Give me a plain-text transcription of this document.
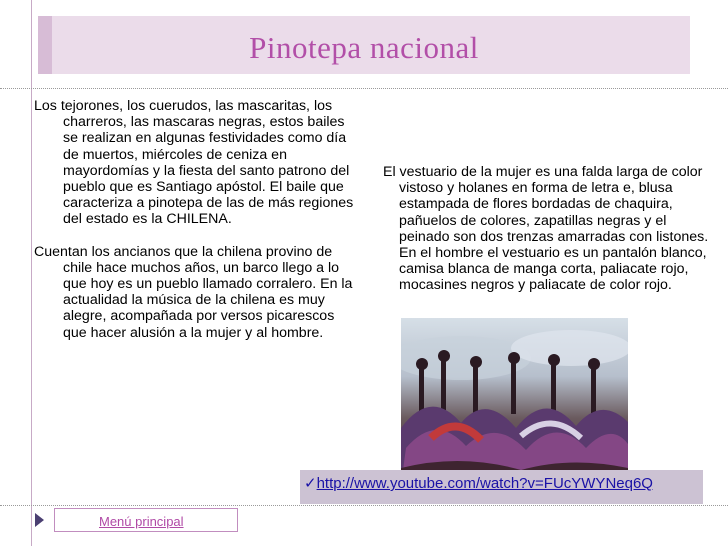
Pinotepa nacional

Los tejorones, los cuerudos, las mascaritas, los charreros, las mascaras negras, estos bailes se realizan en algunas festividades como día de muertos, miércoles de ceniza en mayordomías y la fiesta del santo patrono del pueblo que es Santiago apóstol. El baile que caracteriza a pinotepa de las de más regiones del estado es la CHILENA.

Cuentan los ancianos que la chilena provino de chile hace muchos años, un barco llego a lo que hoy es un pueblo llamado corralero. En la actualidad la música de la chilena es muy alegre, acompañada por versos picarescos que hacer alusión a la mujer y al hombre.

El vestuario de la mujer es una falda larga de color vistoso y holanes en forma de letra e, blusa estampada de flores bordadas de chaquira, pañuelos de colores, zapatillas negras y el peinado son dos trenzas amarradas con listones. En el hombre el vestuario es un pantalón blanco, camisa blanca de manga corta, paliacate rojo, mocasines negros y paliacate de color rojo.

✓http://www.youtube.com/watch?v=FUcYWYNeq6Q
Menú principal
